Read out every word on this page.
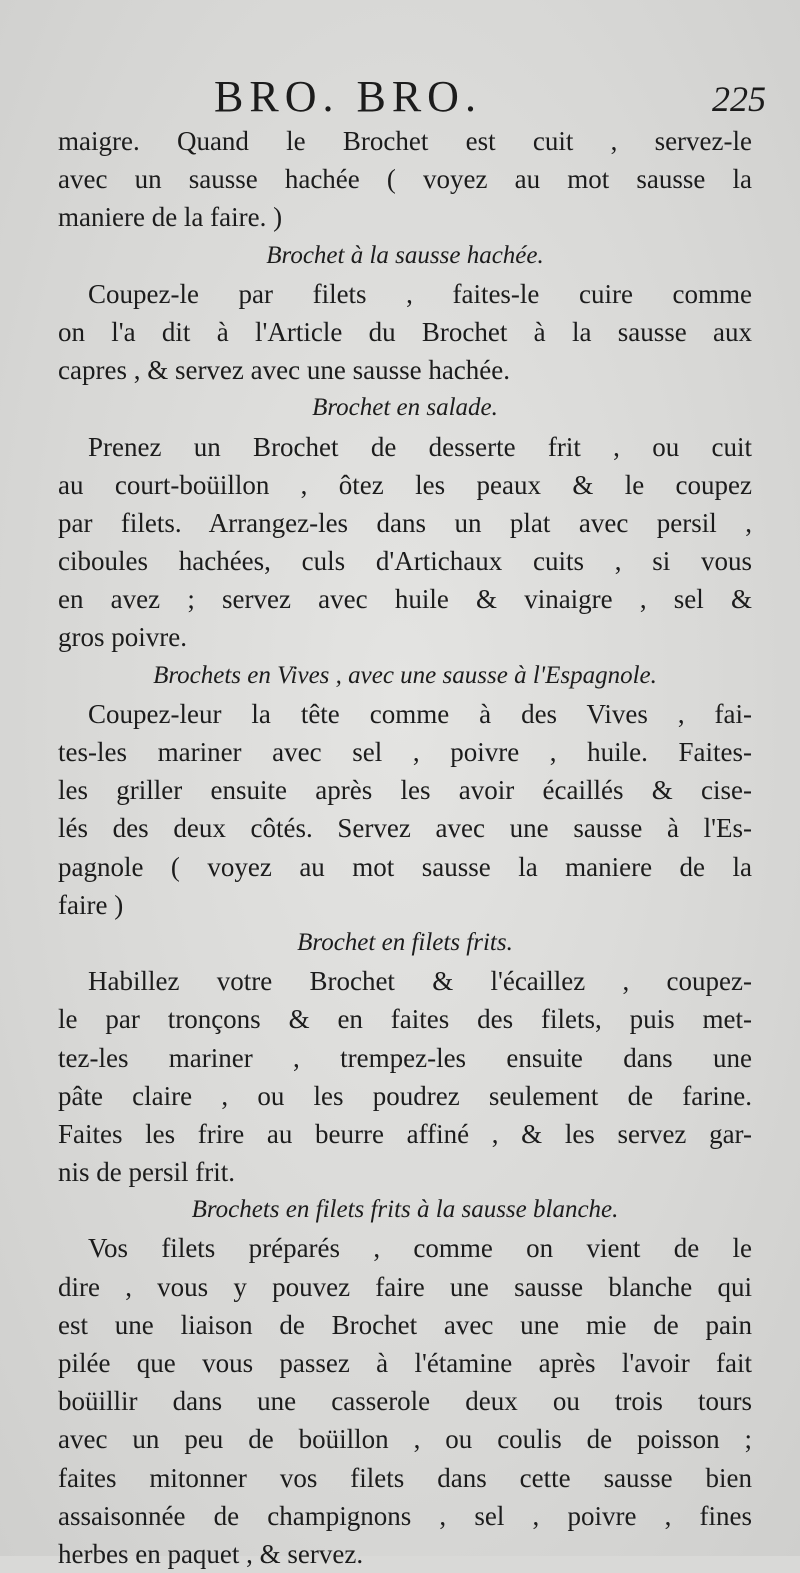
BRO. BRO.	225
maigre. Quand le Brochet est cuit , servez-le
avec un sausse hachée ( voyez au mot sausse la
maniere de la faire. )
Brochet à la sausse hachée.
Coupez-le par filets , faites-le cuire comme
on l'a dit à l'Article du Brochet à la sausse aux
capres , & servez avec une sausse hachée.
Brochet en salade.
Prenez un Brochet de desserte frit , ou cuit
au court-boüillon , ôtez les peaux & le coupez
par filets. Arrangez-les dans un plat avec persil ,
ciboules hachées, culs d'Artichaux cuits , si vous
en avez ; servez avec huile & vinaigre , sel &
gros poivre.
Brochets en Vives , avec une sausse à l'Espagnole.
Coupez-leur la tête comme à des Vives , fai-
tes-les mariner avec sel , poivre , huile. Faites-
les griller ensuite après les avoir écaillés & cise-
lés des deux côtés. Servez avec une sausse à l'Es-
pagnole ( voyez au mot sausse la maniere de la
faire )
Brochet en filets frits.
Habillez votre Brochet & l'écaillez , coupez-
le par tronçons & en faites des filets, puis met-
tez-les mariner , trempez-les ensuite dans une
pâte claire , ou les poudrez seulement de farine.
Faites les frire au beurre affiné , & les servez gar-
nis de persil frit.
Brochets en filets frits à la sausse blanche.
Vos filets préparés , comme on vient de le
dire , vous y pouvez faire une sausse blanche qui
est une liaison de Brochet avec une mie de pain
pilée que vous passez à l'étamine après l'avoir fait
boüillir dans une casserole deux ou trois tours
avec un peu de boüillon , ou coulis de poisson ;
faites mitonner vos filets dans cette sausse bien
assaisonnée de champignons , sel , poivre , fines
herbes en paquet , & servez.
